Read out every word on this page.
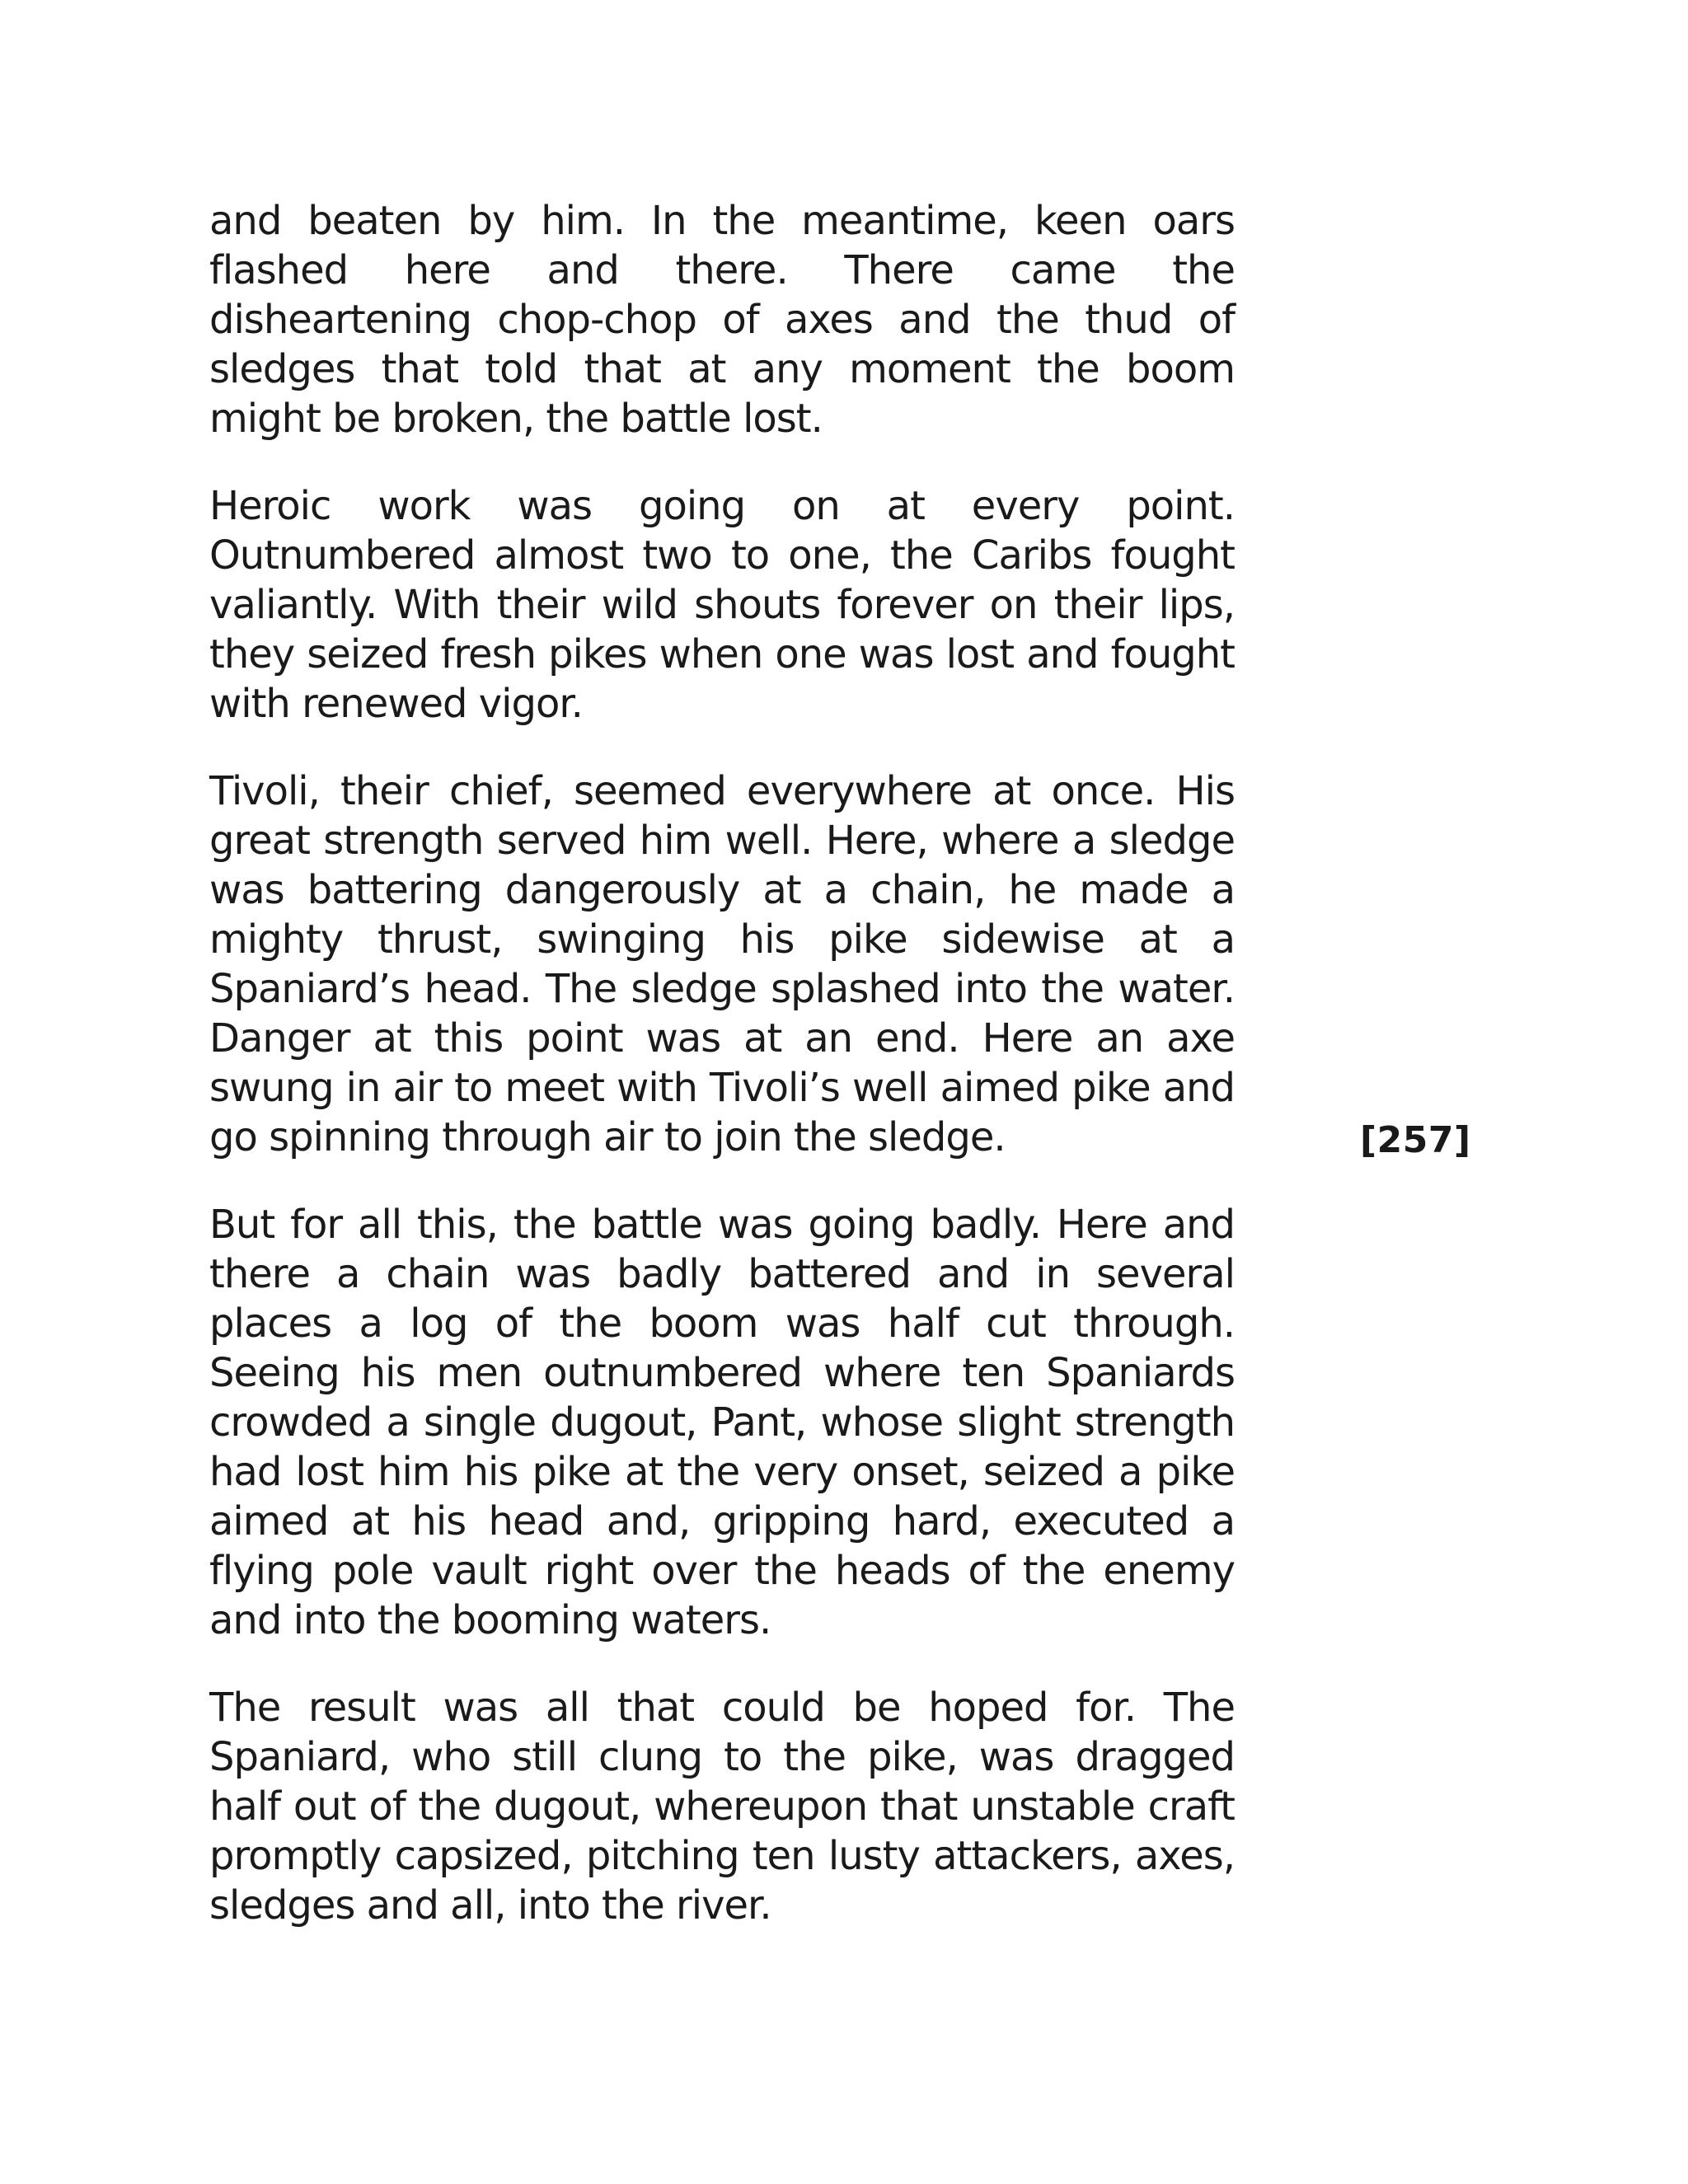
and beaten by him. In the meantime, keen oars flashed here and there. There came the disheartening chop-chop of axes and the thud of sledges that told that at any moment the boom might be broken, the battle lost.

Heroic work was going on at every point. Outnumbered almost two to one, the Caribs fought valiantly. With their wild shouts forever on their lips, they seized fresh pikes when one was lost and fought with renewed vigor.

Tivoli, their chief, seemed everywhere at once. His great strength served him well. Here, where a sledge was battering dangerously at a chain, he made a mighty thrust, swinging his pike sidewise at a Spaniard’s head. The sledge splashed into the water. Danger at this point was at an end. Here an axe swung in air to meet with Tivoli’s well aimed pike and go spinning through air to join the sledge.

But for all this, the battle was going badly. Here and there a chain was badly battered and in several places a log of the boom was half cut through. Seeing his men outnumbered where ten Spaniards crowded a single dugout, Pant, whose slight strength had lost him his pike at the very onset, seized a pike aimed at his head and, gripping hard, executed a flying pole vault right over the heads of the enemy and into the booming waters.

The result was all that could be hoped for. The Spaniard, who still clung to the pike, was dragged half out of the dugout, whereupon that unstable craft promptly capsized, pitching ten lusty attackers, axes, sledges and all, into the river.

[257]
